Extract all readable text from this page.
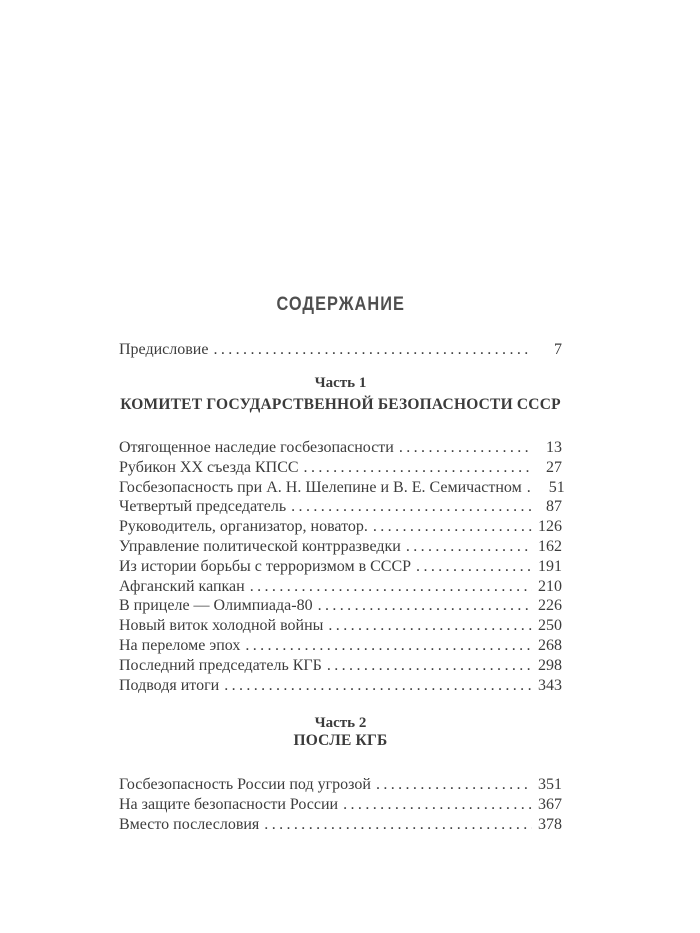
СОДЕРЖАНИЕ
Предисловие .....	7
Часть 1
КОМИТЕТ ГОСУДАРСТВЕННОЙ БЕЗОПАСНОСТИ СССР
Отягощенное наследие госбезопасности .....	13
Рубикон ХХ съезда КПСС .....	27
Госбезопасность при А. Н. Шелепине и В. Е. Семичастном .....	51
Четвертый председатель .....	87
Руководитель, организатор, новатор. .....	126
Управление политической контрразведки .....	162
Из истории борьбы с терроризмом в СССР .....	191
Афганский капкан .....	210
В прицеле — Олимпиада-80 .....	226
Новый виток холодной войны .....	250
На переломе эпох .....	268
Последний председатель КГБ .....	298
Подводя итоги .....	343
Часть 2
ПОСЛЕ КГБ
Госбезопасность России под угрозой .....	351
На защите безопасности России .....	367
Вместо послесловия .....	378
